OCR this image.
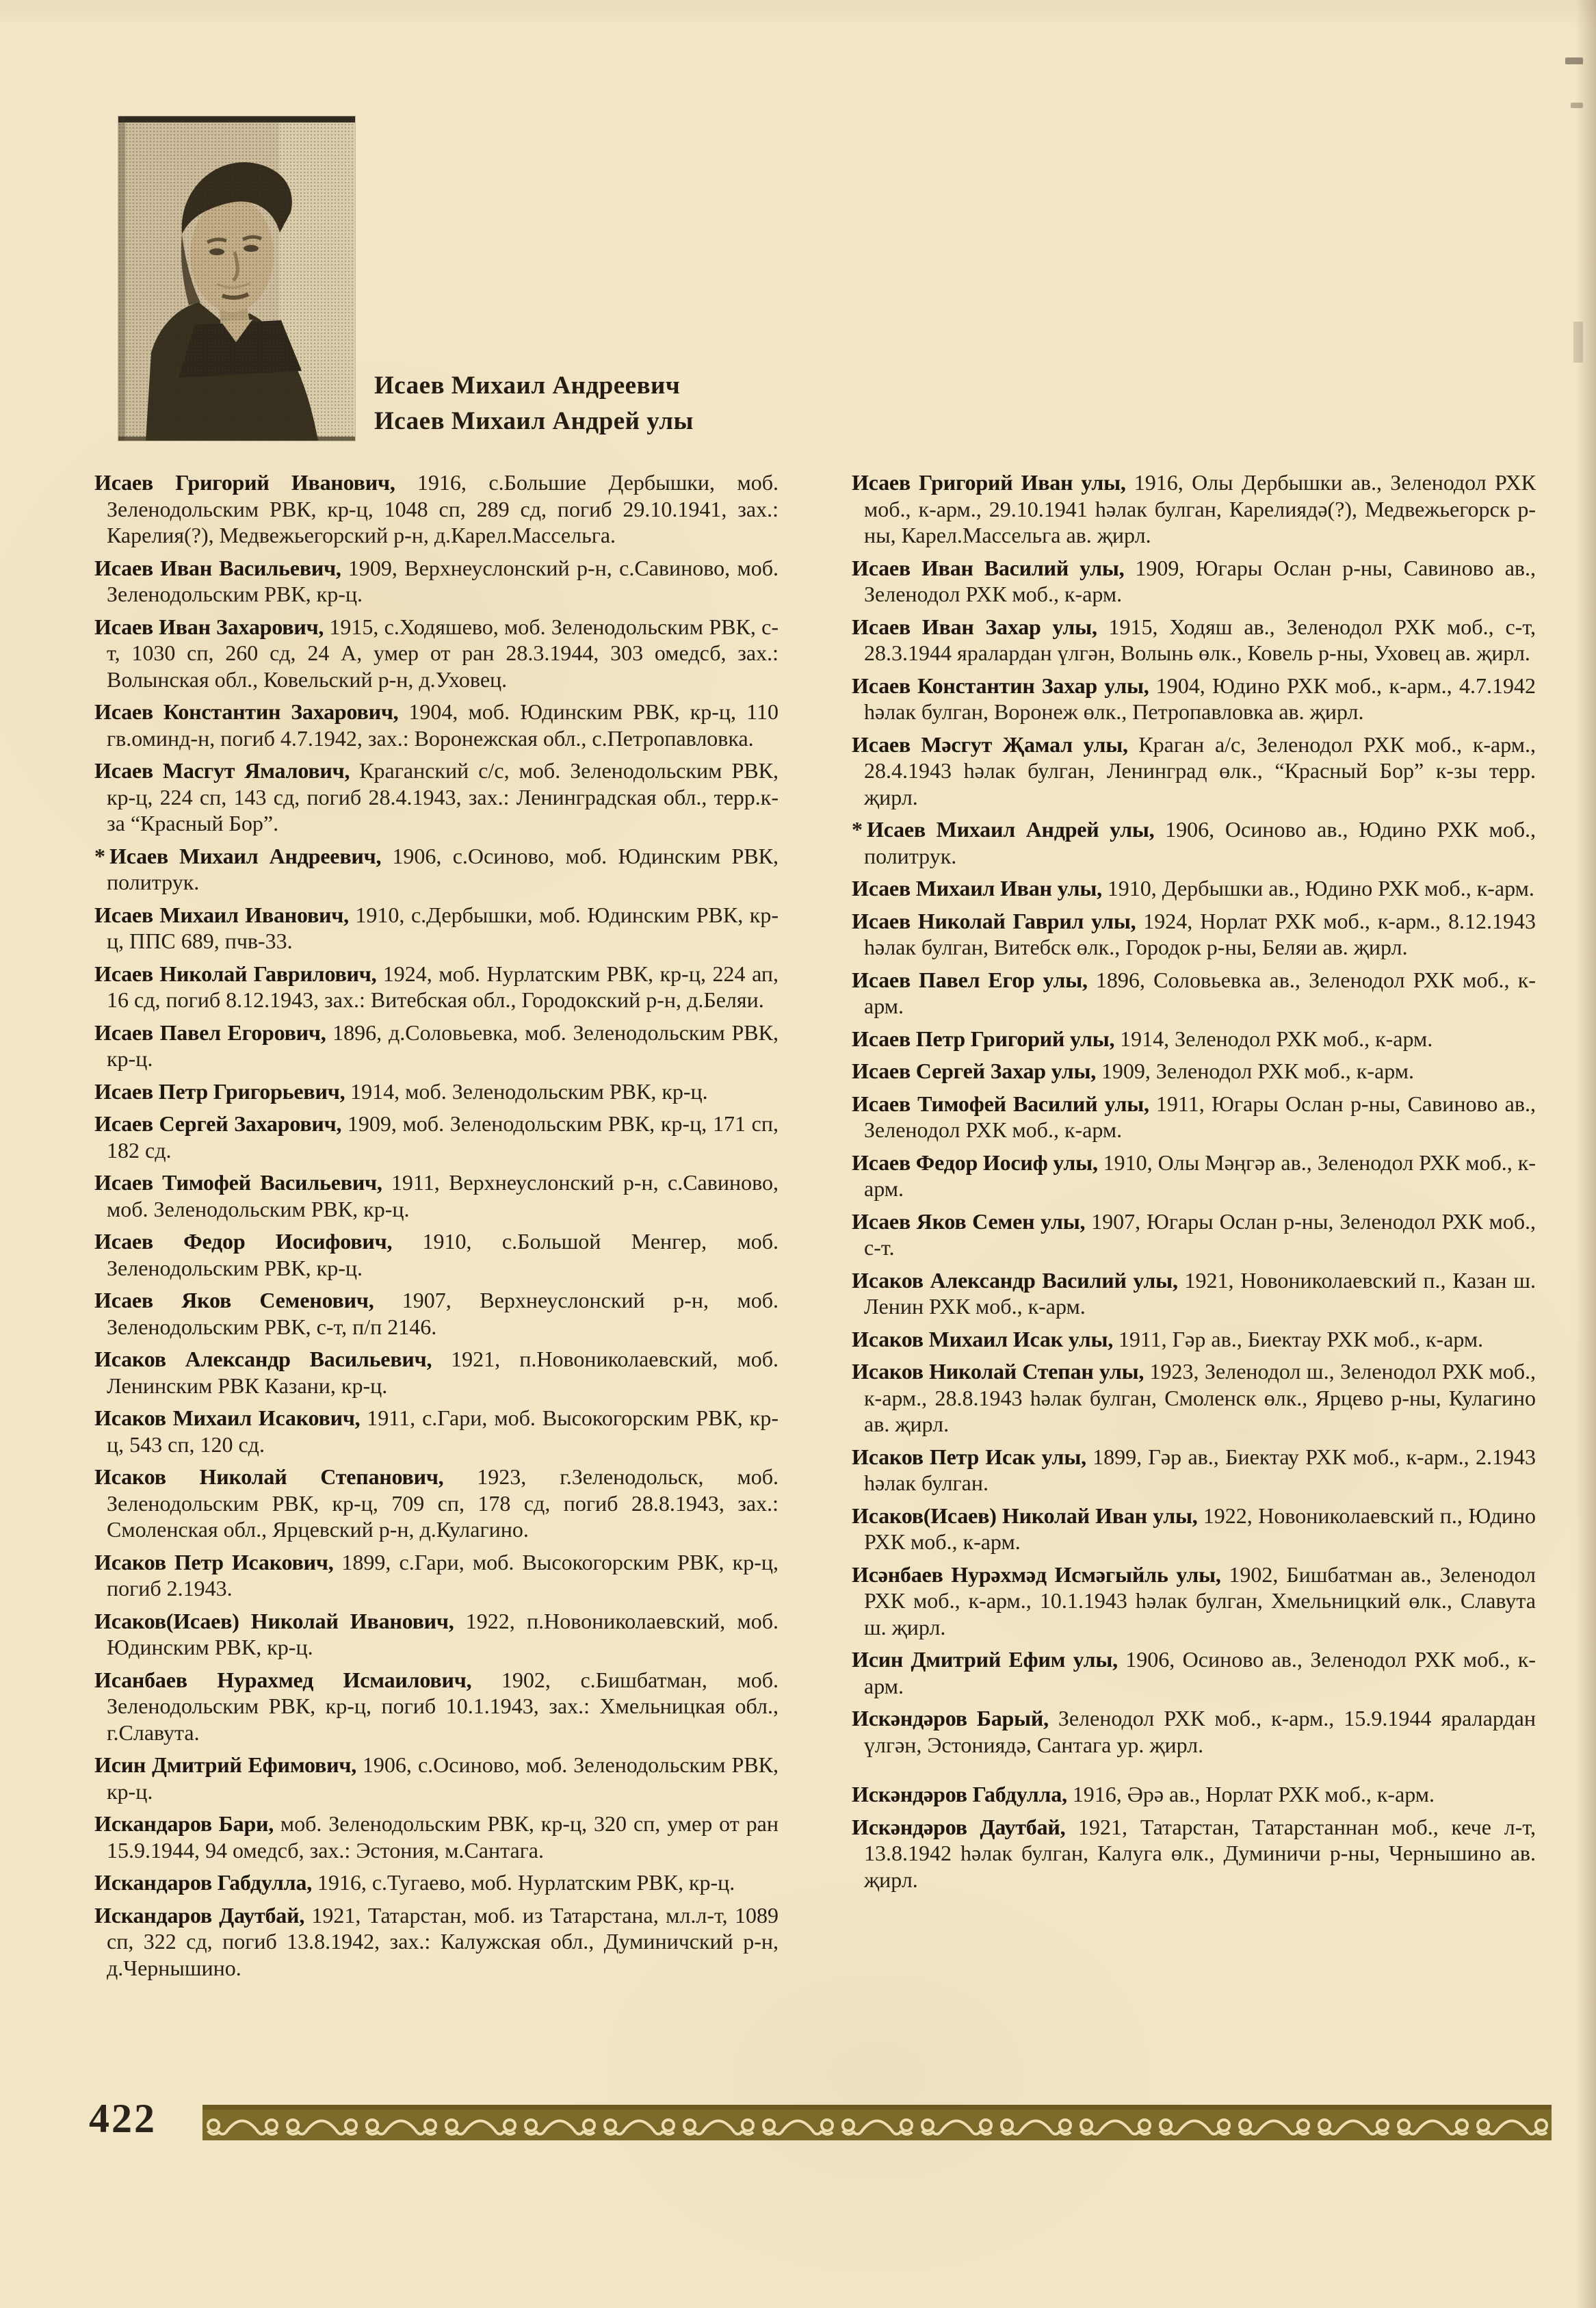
Исаев Михаил Андреевич
Исаев Михаил Андрей улы

Исаев Григорий Иванович, 1916, с.Большие Дербышки, моб. Зеленодольским РВК, кр-ц, 1048 сп, 289 сд, погиб 29.10.1941, зах.: Карелия(?), Медвежьегорский р-н, д.Карел.Массельга.

Исаев Иван Васильевич, 1909, Верхнеуслонский р-н, с.Савиново, моб. Зеленодольским РВК, кр-ц.

Исаев Иван Захарович, 1915, с.Ходяшево, моб. Зеленодольским РВК, с-т, 1030 сп, 260 сд, 24 А, умер от ран 28.3.1944, 303 омедсб, зах.: Волынская обл., Ковельский р-н, д.Уховец.

Исаев Константин Захарович, 1904, моб. Юдинским РВК, кр-ц, 110 гв.оминд-н, погиб 4.7.1942, зах.: Воронежская обл., с.Петропавловка.

Исаев Масгут Ямалович, Краганский с/с, моб. Зеленодольским РВК, кр-ц, 224 сп, 143 сд, погиб 28.4.1943, зах.: Ленинградская обл., терр.к-за “Красный Бор”.

* Исаев Михаил Андреевич, 1906, с.Осиново, моб. Юдинским РВК, политрук.

Исаев Михаил Иванович, 1910, с.Дербышки, моб. Юдинским РВК, кр-ц, ППС 689, пчв-33.

Исаев Николай Гаврилович, 1924, моб. Нурлатским РВК, кр-ц, 224 ап, 16 сд, погиб 8.12.1943, зах.: Витебская обл., Городокский р-н, д.Беляи.

Исаев Павел Егорович, 1896, д.Соловьевка, моб. Зеленодольским РВК, кр-ц.

Исаев Петр Григорьевич, 1914, моб. Зеленодольским РВК, кр-ц.

Исаев Сергей Захарович, 1909, моб. Зеленодольским РВК, кр-ц, 171 сп, 182 сд.

Исаев Тимофей Васильевич, 1911, Верхнеуслонский р-н, с.Савиново, моб. Зеленодольским РВК, кр-ц.

Исаев Федор Иосифович, 1910, с.Большой Менгер, моб. Зеленодольским РВК, кр-ц.

Исаев Яков Семенович, 1907, Верхнеуслонский р-н, моб. Зеленодольским РВК, с-т, п/п 2146.

Исаков Александр Васильевич, 1921, п.Новониколаевский, моб. Ленинским РВК Казани, кр-ц.

Исаков Михаил Исакович, 1911, с.Гари, моб. Высокогорским РВК, кр-ц, 543 сп, 120 сд.

Исаков Николай Степанович, 1923, г.Зеленодольск, моб. Зеленодольским РВК, кр-ц, 709 сп, 178 сд, погиб 28.8.1943, зах.: Смоленская обл., Ярцевский р-н, д.Кулагино.

Исаков Петр Исакович, 1899, с.Гари, моб. Высокогорским РВК, кр-ц, погиб 2.1943.

Исаков(Исаев) Николай Иванович, 1922, п.Новониколаевский, моб. Юдинским РВК, кр-ц.

Исанбаев Нурахмед Исмаилович, 1902, с.Бишбатман, моб. Зеленодольским РВК, кр-ц, погиб 10.1.1943, зах.: Хмельницкая обл., г.Славута.

Исин Дмитрий Ефимович, 1906, с.Осиново, моб. Зеленодольским РВК, кр-ц.

Искандаров Бари, моб. Зеленодольским РВК, кр-ц, 320 сп, умер от ран 15.9.1944, 94 омедсб, зах.: Эстония, м.Сантага.

Искандаров Габдулла, 1916, с.Тугаево, моб. Нурлатским РВК, кр-ц.

Искандаров Даутбай, 1921, Татарстан, моб. из Татарстана, мл.л-т, 1089 сп, 322 сд, погиб 13.8.1942, зах.: Калужская обл., Думиничский р-н, д.Чернышино.

Исаев Григорий Иван улы, 1916, Олы Дербышки ав., Зеленодол РХК моб., к-арм., 29.10.1941 һәлак булган, Карелиядә(?), Медвежьегорск р-ны, Карел.Массельга ав. җирл.

Исаев Иван Василий улы, 1909, Югары Ослан р-ны, Савиново ав., Зеленодол РХК моб., к-арм.

Исаев Иван Захар улы, 1915, Ходяш ав., Зеленодол РХК моб., с-т, 28.3.1944 яралардан үлгән, Волынь өлк., Ковель р-ны, Уховец ав. җирл.

Исаев Константин Захар улы, 1904, Юдино РХК моб., к-арм., 4.7.1942 һәлак булган, Воронеж өлк., Петропавловка ав. җирл.

Исаев Мәсгут Җамал улы, Краган а/с, Зеленодол РХК моб., к-арм., 28.4.1943 һәлак булган, Ленинград өлк., “Красный Бор” к-зы терр. җирл.

* Исаев Михаил Андрей улы, 1906, Осиново ав., Юдино РХК моб., политрук.

Исаев Михаил Иван улы, 1910, Дербышки ав., Юдино РХК моб., к-арм.

Исаев Николай Гаврил улы, 1924, Норлат РХК моб., к-арм., 8.12.1943 һәлак булган, Витебск өлк., Городок р-ны, Беляи ав. җирл.

Исаев Павел Егор улы, 1896, Соловьевка ав., Зеленодол РХК моб., к-арм.

Исаев Петр Григорий улы, 1914, Зеленодол РХК моб., к-арм.

Исаев Сергей Захар улы, 1909, Зеленодол РХК моб., к-арм.

Исаев Тимофей Василий улы, 1911, Югары Ослан р-ны, Савиново ав., Зеленодол РХК моб., к-арм.

Исаев Федор Иосиф улы, 1910, Олы Мәңгәр ав., Зеленодол РХК моб., к-арм.

Исаев Яков Семен улы, 1907, Югары Ослан р-ны, Зеленодол РХК моб., с-т.

Исаков Александр Василий улы, 1921, Новониколаевский п., Казан ш. Ленин РХК моб., к-арм.

Исаков Михаил Исак улы, 1911, Гәр ав., Биектау РХК моб., к-арм.

Исаков Николай Степан улы, 1923, Зеленодол ш., Зеленодол РХК моб., к-арм., 28.8.1943 һәлак булган, Смоленск өлк., Ярцево р-ны, Кулагино ав. җирл.

Исаков Петр Исак улы, 1899, Гәр ав., Биектау РХК моб., к-арм., 2.1943 һәлак булган.

Исаков(Исаев) Николай Иван улы, 1922, Новониколаевский п., Юдино РХК моб., к-арм.

Исәнбаев Нурәхмәд Исмәгыйль улы, 1902, Бишбатман ав., Зеленодол РХК моб., к-арм., 10.1.1943 һәлак булган, Хмельницкий өлк., Славута ш. җирл.

Исин Дмитрий Ефим улы, 1906, Осиново ав., Зеленодол РХК моб., к-арм.

Искәндәров Барый, Зеленодол РХК моб., к-арм., 15.9.1944 яралардан үлгән, Эстониядә, Сантага ур. җирл.

Искәндәров Габдулла, 1916, Әрә ав., Норлат РХК моб., к-арм.

Искәндәров Даутбай, 1921, Татарстан, Татарстаннан моб., кече л-т, 13.8.1942 һәлак булган, Калуга өлк., Думиничи р-ны, Чернышино ав. җирл.

422
